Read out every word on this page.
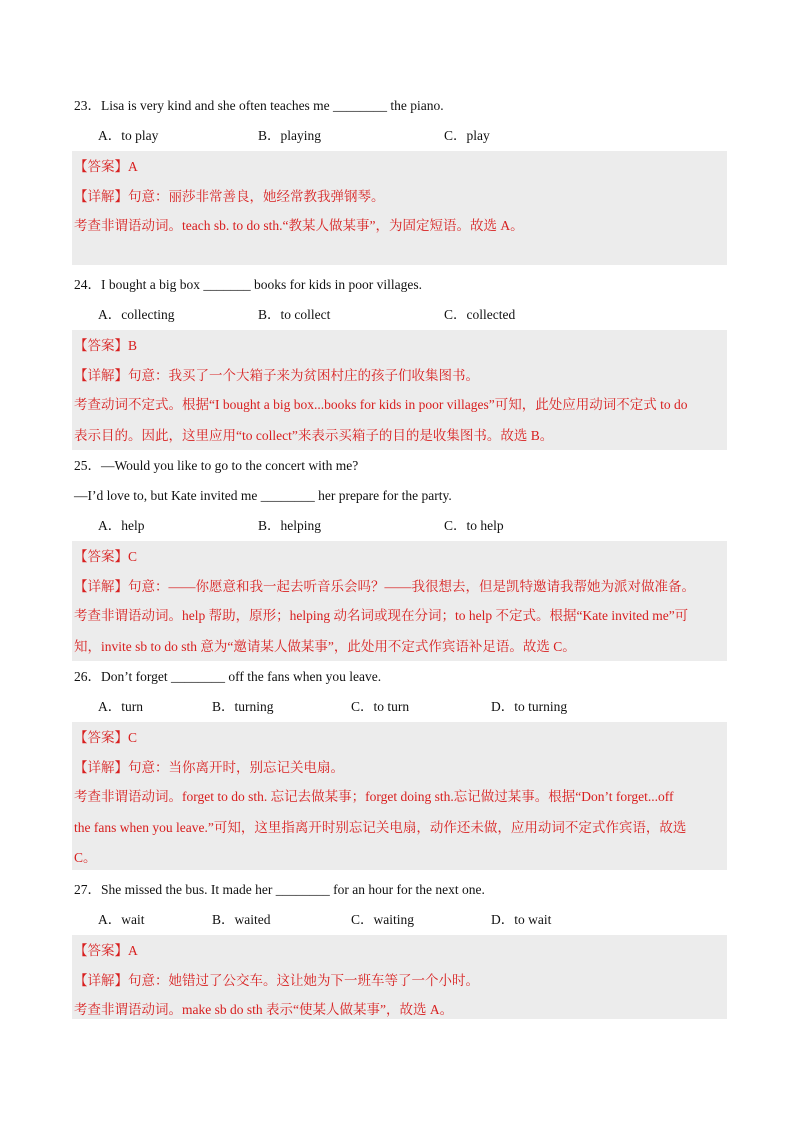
23．Lisa is very kind and she often teaches me ________ the piano.
A．to play	B．playing	C．play
【答案】A
【详解】句意：丽莎非常善良，她经常教我弹钢琴。
考查非谓语动词。teach sb. to do sth.“教某人做某事”，为固定短语。故选 A。
24．I bought a big box _______ books for kids in poor villages.
A．collecting	B．to collect	C．collected
【答案】B
【详解】句意：我买了一个大箱子来为贫困村庄的孩子们收集图书。
考查动词不定式。根据“I bought a big box...books for kids in poor villages”可知，此处应用动词不定式 to do
表示目的。因此，这里应用“to collect”来表示买箱子的目的是收集图书。故选 B。
25．—Would you like to go to the concert with me?
—I’d love to, but Kate invited me ________ her prepare for the party.
A．help	B．helping	C．to help
【答案】C
【详解】句意：——你愿意和我一起去听音乐会吗？——我很想去，但是凯特邀请我帮她为派对做准备。
考查非谓语动词。help 帮助，原形；helping 动名词或现在分词；to help 不定式。根据“Kate invited me”可
知，invite sb to do sth 意为“邀请某人做某事”，此处用不定式作宾语补足语。故选 C。
26．Don’t forget ________ off the fans when you leave.
A．turn	B．turning	C．to turn	D．to turning
【答案】C
【详解】句意：当你离开时，别忘记关电扇。
考查非谓语动词。forget to do sth. 忘记去做某事；forget doing sth.忘记做过某事。根据“Don’t forget...off
the fans when you leave.”可知，这里指离开时别忘记关电扇，动作还未做，应用动词不定式作宾语，故选
C。
27．She missed the bus. It made her ________ for an hour for the next one.
A．wait	B．waited	C．waiting	D．to wait
【答案】A
【详解】句意：她错过了公交车。这让她为下一班车等了一个小时。
考查非谓语动词。make sb do sth 表示“使某人做某事”，故选 A。
